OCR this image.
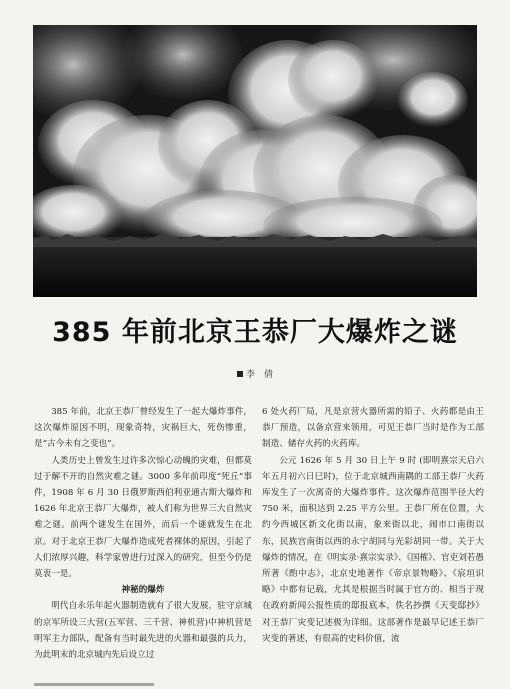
385 年前北京王恭厂大爆炸之谜
李　倩

385 年前，北京王恭厂曾经发生了一起大爆炸事件，这次爆炸原因不明，现象奇特，灾祸巨大，死伤惨重，是“古今未有之变也”。

人类历史上曾发生过许多次惊心动魄的灾难，但都莫过于解不开的自然灾难之谜。3000 多年前印度“死丘”事件，1908 年 6 月 30 日俄罗斯西伯利亚通古斯大爆炸和 1626 年北京王恭厂大爆炸，被人们称为世界三大自然灾难之谜。前两个谜发生在国外，而后一个谜就发生在北京。对于北京王恭厂大爆炸造成死者裸体的原因，引起了人们浓厚兴趣，科学家曾进行过深入的研究，但至今仍是莫衷一是。

神秘的爆炸

明代自永乐年起火器制造就有了很大发展，驻守京城的京军所设三大营(五军营、三千营、神机营)中神机营是明军主力部队，配备有当时最先进的火器和最强的兵力，为此明末的北京城内先后设立过

6 处火药厂局，凡是京营火器所需的铅子、火药都是由王恭厂预造，以备京营来领用，可见王恭厂当时是作为工部制造、储存火药的火药库。

公元 1626 年 5 月 30 日上午 9 时 (即明熹宗天启六年五月初六日巳时)，位于北京城西南隅的工部王恭厂火药库发生了一次离奇的大爆炸事件。这次爆炸范围半径大约 750 米，面积达到 2.25 平方公里。王恭厂所在位置，大约今西城区新文化街以南，象来街以北，闹市口南街以东，民族宫南街以西的永宁胡同与光彩胡同一带。关于大爆炸的情况，在《明实录·熹宗实录》、《国榷》、官吏刘若愚所著《酌中志》，北京史地著作《帝京景物略》、《宸垣识略》中都有记载，尤其是根据当时属于官方的、相当于现在政府新闻公报性质的邸报底本，佚名抄撰《天变邸抄》对王恭厂灾变记述极为详细。这部著作是最早记述王恭厂灾变的著述，有很高的史料价值，流
